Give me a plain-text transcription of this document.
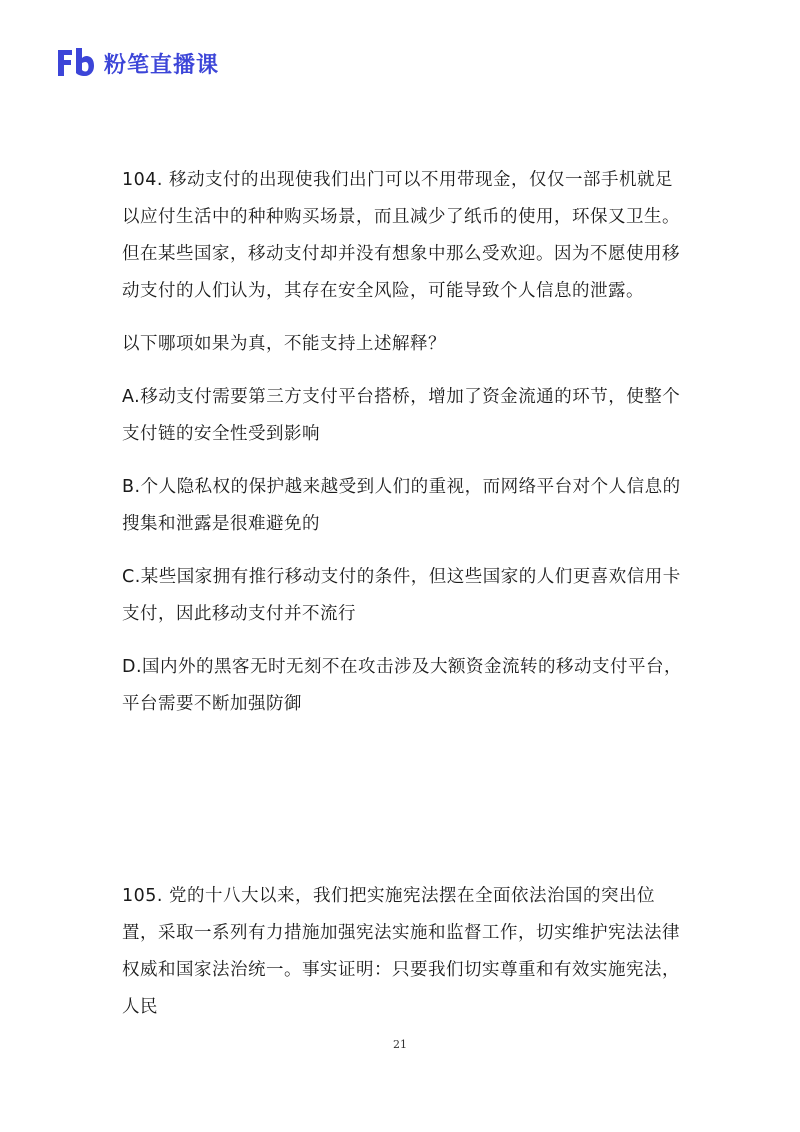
粉笔直播课

104. 移动支付的出现使我们出门可以不用带现金，仅仅一部手机就足以应付生活中的种种购买场景，而且减少了纸币的使用，环保又卫生。但在某些国家，移动支付却并没有想象中那么受欢迎。因为不愿使用移动支付的人们认为，其存在安全风险，可能导致个人信息的泄露。

以下哪项如果为真，不能支持上述解释？

A.移动支付需要第三方支付平台搭桥，增加了资金流通的环节，使整个支付链的安全性受到影响

B.个人隐私权的保护越来越受到人们的重视，而网络平台对个人信息的搜集和泄露是很难避免的

C.某些国家拥有推行移动支付的条件，但这些国家的人们更喜欢信用卡支付，因此移动支付并不流行

D.国内外的黑客无时无刻不在攻击涉及大额资金流转的移动支付平台，平台需要不断加强防御

105. 党的十八大以来，我们把实施宪法摆在全面依法治国的突出位置，采取一系列有力措施加强宪法实施和监督工作，切实维护宪法法律权威和国家法治统一。事实证明：只要我们切实尊重和有效实施宪法，人民

21
